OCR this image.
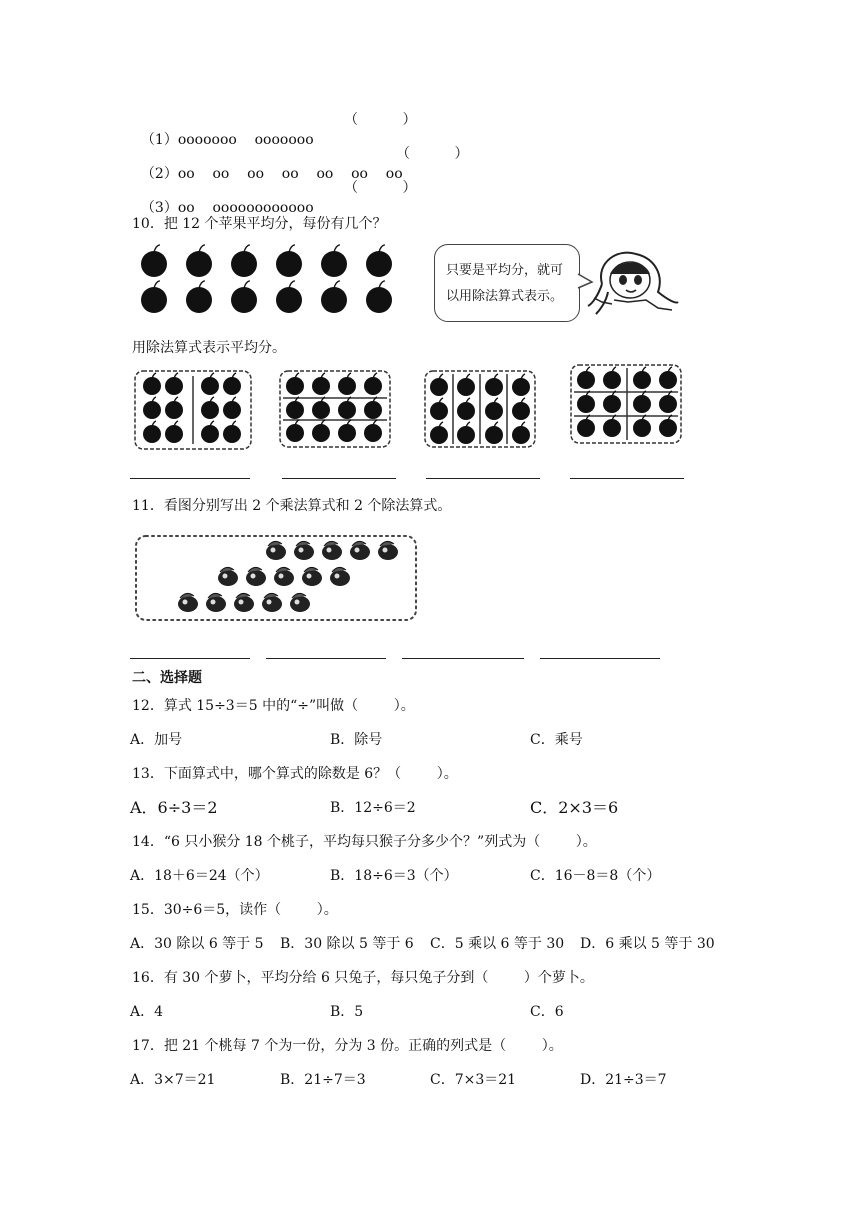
（1）ooooooo    ooooooo

（          ）

（2）oo    oo    oo    oo    oo    oo    oo

（          ）

（3）oo    oooooooooooo

（          ）
10．把 12 个苹果平均分，每份有几个？
只要是平均分，就可
以用除法算式表示。
用除法算式表示平均分。
11．看图分别写出 2 个乘法算式和 2 个除法算式。
二、选择题
12．算式 15÷3＝5 中的“÷”叫做（        ）。
A．加号	B．除号	C．乘号
13．下面算式中，哪个算式的除数是 6？（        ）。
A．6÷3＝2	B．12÷6＝2	C．2×3＝6
14．“6 只小猴分 18 个桃子，平均每只猴子分多少个？”列式为（        ）。
A．18＋6＝24（个）	B．18÷6＝3（个）	C．16－8＝8（个）
15．30÷6＝5，读作（        ）。
A．30 除以 6 等于 5 B．30 除以 5 等于 6 C．5 乘以 6 等于 30 D．6 乘以 5 等于 30
16．有 30 个萝卜，平均分给 6 只兔子，每只兔子分到（        ）个萝卜。
A．4	B．5	C．6
17．把 21 个桃每 7 个为一份，分为 3 份。正确的列式是（        ）。
A．3×7＝21	B．21÷7＝3	C．7×3＝21	D．21÷3＝7
